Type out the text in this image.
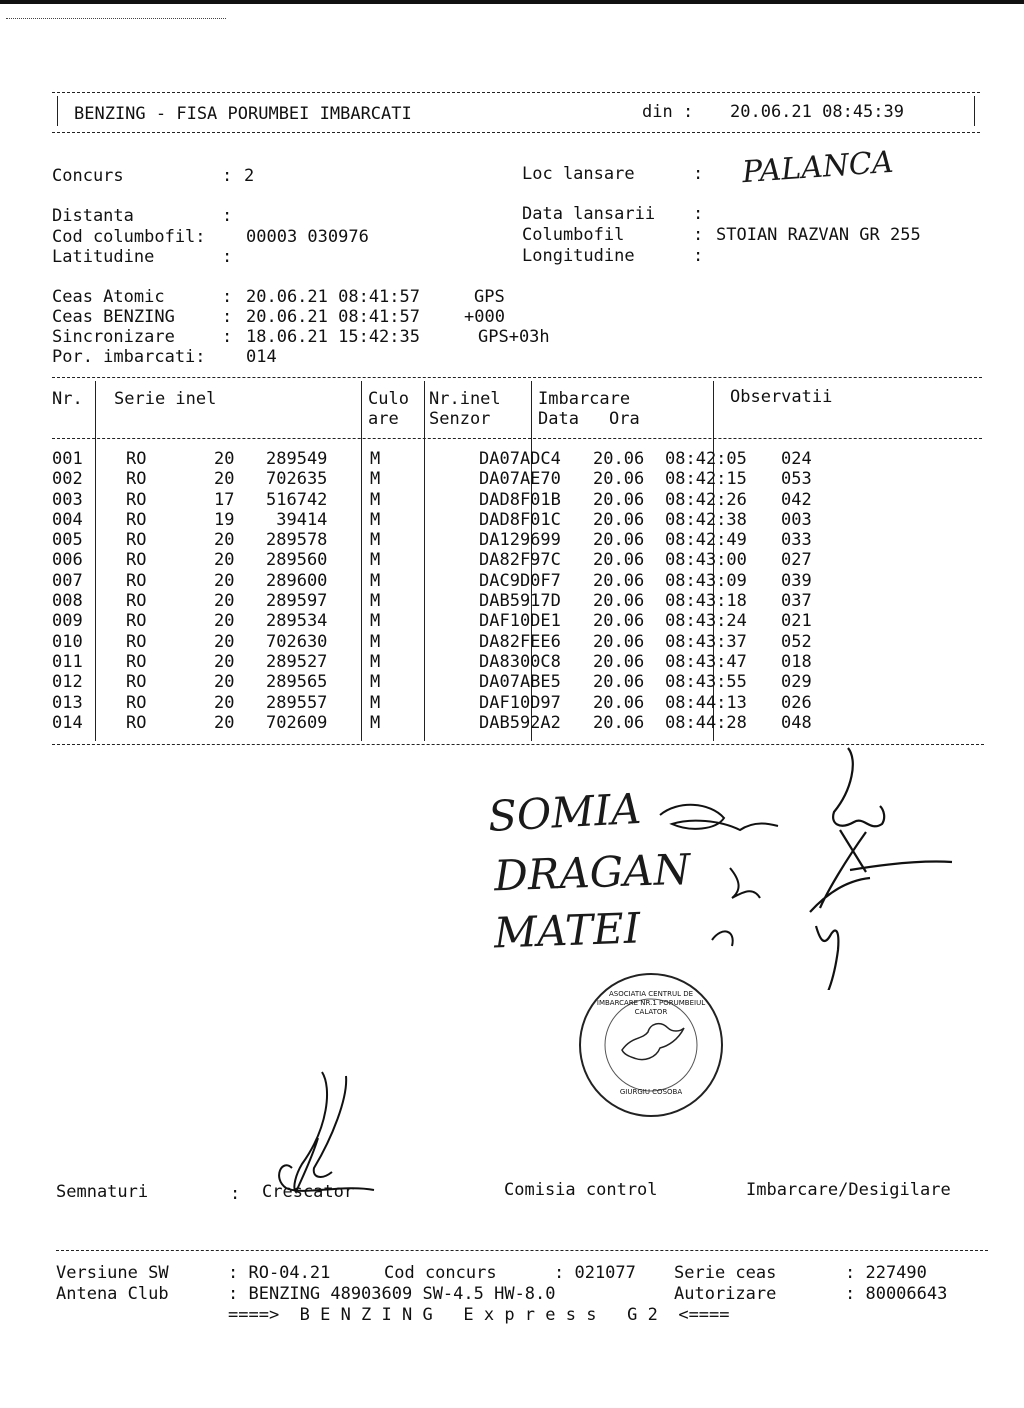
BENZING - FISA PORUMBEI IMBARCATI	din : 20.06.21 08:45:39
Concurs	: 2	Loc lansare	: PALANCA
Distanta	:	Data lansarii :
Cod columbofil: 00003 030976	Columbofil	: STOIAN RAZVAN GR 255
Latitudine	:	Longitudine	:
Ceas Atomic	: 20.06.21 08:41:57	GPS
Ceas BENZING	: 20.06.21 08:41:57	+000
Sincronizare	: 18.06.21 15:42:35	GPS+03h
Por. imbarcati: 014
Nr. Serie inel	Culo
are
Nr.inel
Senzor
Imbarcare
Data Ora
Observatii
001	RO	20	289549	M		DA07ADC4	20.06	08:42:05	024
002	RO	20	702635	M		DA07AE70	20.06	08:42:15	053
003	RO	17	516742	M		DAD8F01B	20.06	08:42:26	042
004	RO	19	39414	M		DAD8F01C	20.06	08:42:38	003
005	RO	20	289578	M		DA129699	20.06	08:42:49	033
006	RO	20	289560	M		DA82F97C	20.06	08:43:00	027
007	RO	20	289600	M		DAC9D0F7	20.06	08:43:09	039
008	RO	20	289597	M		DAB5917D	20.06	08:43:18	037
009	RO	20	289534	M		DAF10DE1	20.06	08:43:24	021
010	RO	20	702630	M		DA82FEE6	20.06	08:43:37	052
011	RO	20	289527	M		DA8300C8	20.06	08:43:47	018
012	RO	20	289565	M		DA07ABE5	20.06	08:43:55	029
013	RO	20	289557	M		DAF10D97	20.06	08:44:13	026
014	RO	20	702609	M		DAB592A2	20.06	08:44:28	048
SOMIA
DRAGAN
MATEI
ASOCIATIA CENTRUL DE IMBARCARE NR.1 PORUMBEIUL CALATOR
GIURGIU COSOBA
Semnaturi	: Crescator	Comisia control	Imbarcare/Desigilare
Versiune SW	: RO-04.21	Cod concurs	: 021077 Serie ceas	: 227490
Antena Club	: BENZING 48903609 SW-4.5 HW-8.0	Autorizare	: 80006643
====>  B E N Z I N G   E x p r e s s   G 2  <====
